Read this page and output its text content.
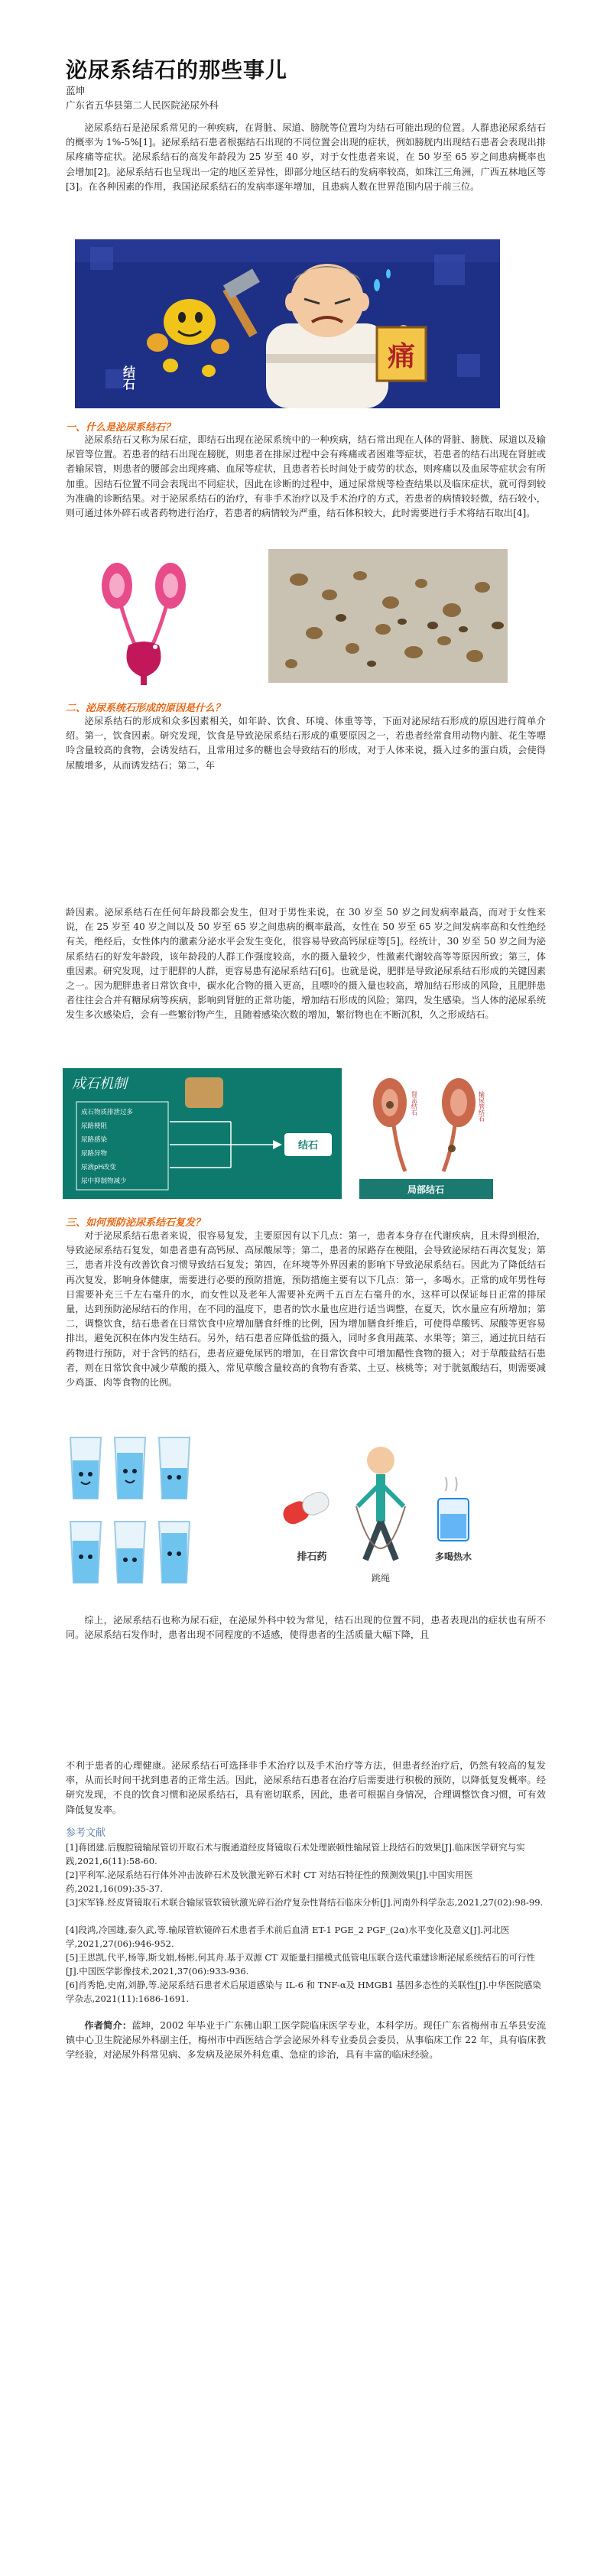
泌尿系结石的那些事儿
蓝坤
广东省五华县第二人民医院泌尿外科
泌尿系结石是泌尿系常见的一种疾病，在肾脏、尿道、膀胱等位置均为结石可能出现的位置。人群患泌尿系结石的概率为 1%-5%[1]。泌尿系结石患者根据结石出现的不同位置会出现的症状，例如膀胱内出现结石患者会表现出排尿疼痛等症状。泌尿系结石的高发年龄段为 25 岁至 40 岁，对于女性患者来说，在 50 岁至 65 岁之间患病概率也会增加[2]。泌尿系结石也呈现出一定的地区差异性，即部分地区结石的发病率较高，如珠江三角洲，广西五林地区等[3]。在各种因素的作用，我国泌尿系结石的发病率逐年增加，且患病人数在世界范围内居于前三位。
结石
痛
一、什么是泌尿系结石？
泌尿系结石又称为尿石症，即结石出现在泌尿系统中的一种疾病，结石常出现在人体的肾脏、膀胱、尿道以及输尿管等位置。若患者的结石出现在膀胱，则患者在排尿过程中会有疼痛或者困难等症状，若患者的结石出现在肾脏或者输尿管，则患者的腰部会出现疼痛、血尿等症状，且患者若长时间处于疲劳的状态，则疼痛以及血尿等症状会有所加重。因结石位置不同会表现出不同症状，因此在诊断的过程中，通过尿常规等检查结果以及临床症状，就可得到较为准确的诊断结果。对于泌尿系结石的治疗，有非手术治疗以及手术治疗的方式，若患者的病情较轻微，结石较小，则可通过体外碎石或者药物进行治疗，若患者的病情较为严重，结石体积较大，此时需要进行手术将结石取出[4]。
二、泌尿系统石形成的原因是什么？
泌尿系结石的形成和众多因素相关，如年龄、饮食、环境、体重等等，下面对泌尿结石形成的原因进行简单介绍。第一，饮食因素。研究发现，饮食是导致泌尿系结石形成的重要原因之一，若患者经常食用动物内脏、花生等嘌呤含量较高的食物，会诱发结石，且常用过多的糖也会导致结石的形成，对于人体来说，摄入过多的蛋白质，会使得尿酸增多，从而诱发结石；第二，年
龄因素。泌尿系结石在任何年龄段都会发生，但对于男性来说，在 30 岁至 50 岁之间发病率最高，而对于女性来说，在 25 岁至 40 岁之间以及 50 岁至 65 岁之间患病的概率最高，女性在 50 岁至 65 岁之间发病率高和女性绝经有关，绝经后，女性体内的激素分泌水平会发生变化，很容易导致高钙尿症等[5]。经统计，30 岁至 50 岁之间为泌尿系结石的好发年龄段，该年龄段的人群工作强度较高，水的摄入量较少，性激素代谢较高等等原因所致；第三，体重因素。研究发现，过于肥胖的人群，更容易患有泌尿系结石[6]。也就是说，肥胖是导致泌尿系结石形成的关键因素之一。因为肥胖患者日常饮食中，碳水化合物的摄入更高，且嘌呤的摄入量也较高，增加结石形成的风险，且肥胖患者往往会合并有糖尿病等疾病，影响到肾脏的正常功能，增加结石形成的风险；第四，发生感染。当人体的泌尿系统发生多次感染后，会有一些繁衍物产生，且随着感染次数的增加，繁衍物也在不断沉积，久之形成结石。
成石机制
成石物质排泄过多
尿路梗阻
尿路感染
尿路异物
尿液pH改变
尿中抑制物减少
结石
局部结石
肾盂结石	输尿管结石
三、如何预防泌尿系结石复发？
对于泌尿系结石患者来说，很容易复发，主要原因有以下几点：第一，患者本身存在代谢疾病，且未得到根治，导致泌尿系结石复发，如患者患有高钙尿、高尿酸尿等；第二，患者的尿路存在梗阻，会导致泌尿结石再次复发；第三，患者并没有改善饮食习惯导致结石复发；第四，在环境等外界因素的影响下导致泌尿系结石。因此为了降低结石再次复发，影响身体健康，需要进行必要的预防措施，预防措施主要有以下几点：第一，多喝水。正常的成年男性每日需要补充三千左右毫升的水，而女性以及老年人需要补充两千五百左右毫升的水，这样可以保证每日正常的排尿量，达到预防泌尿结石的作用，在不同的温度下，患者的饮水量也应进行适当调整，在夏天，饮水量应有所增加；第二，调整饮食，结石患者在日常饮食中应增加膳食纤维的比例，因为增加膳食纤维后，可使得草酸钙、尿酸等更容易排出，避免沉积在体内发生结石。另外，结石患者应降低盐的摄入，同时多食用蔬菜、水果等；第三，通过抗日结石药物进行预防，对于含钙的结石，患者应避免尿钙的增加，在日常饮食中可增加醋性食物的摄入；对于草酸盐结石患者，则在日常饮食中减少草酸的摄入，常见草酸含量较高的食物有香菜、土豆、核桃等；对于胱氨酸结石，则需要减少鸡蛋、肉等食物的比例。
排石药
跳绳
多喝热水
综上，泌尿系结石也称为尿石症，在泌尿外科中较为常见，结石出现的位置不同，患者表现出的症状也有所不同。泌尿系结石发作时，患者出现不同程度的不适感，使得患者的生活质量大幅下降，且
不利于患者的心理健康。泌尿系结石可选择非手术治疗以及手术治疗等方法，但患者经治疗后，仍然有较高的复发率，从而长时间干扰到患者的正常生活。因此，泌尿系结石患者在治疗后需要进行积极的预防，以降低复发概率。经研究发现，不良的饮食习惯和泌尿系结石，具有密切联系，因此，患者可根据自身情况，合理调整饮食习惯，可有效降低复发率。
参考文献
[1]蒋团建.后腹腔镜输尿管切开取石术与腹通道经皮肾镜取石术处理嵌顿性输尿管上段结石的效果[J].临床医学研究与实践,2021,6(11):58-60.
[2]平利军.泌尿系结石行体外冲击波碎石术及钬激光碎石术时 CT 对结石特征性的预测效果[J].中国实用医药,2021,16(09):35-37.
[3]宋军锋.经皮肾镜取石术联合输尿管软镜钬激光碎石治疗复杂性肾结石临床分析[J].河南外科学杂志,2021,27(02):98-99.
[4]段鸿,冷国雄,泰久武,等.输尿管软镜碎石术患者手术前后血清 ET-1 PGE_2 PGF_(2α)水平变化及意义[J].河北医学,2021,27(06):946-952.
[5]王思凯,代平,杨等,斯戈娟,杨彬,何其舟.基于双源 CT 双能量扫描模式低管电压联合迭代重建诊断泌尿系统结石的可行性[J].中国医学影像技术,2021,37(06):933-936.
[6]肖秀艳,史南,刘静,等.泌尿系结石患者术后尿道感染与 IL-6 和 TNF-α及 HMGB1 基因多态性的关联性[J].中华医院感染学杂志,2021(11):1686-1691.
作者简介：蓝坤，2002 年毕业于广东佛山职工医学院临床医学专业，本科学历。现任广东省梅州市五华县安流镇中心卫生院泌尿外科副主任，梅州市中西医结合学会泌尿外科专业委员会委员，从事临床工作 22 年，具有临床教学经验，对泌尿外科常见病、多发病及泌尿外科危重、急症的诊治，具有丰富的临床经验。
